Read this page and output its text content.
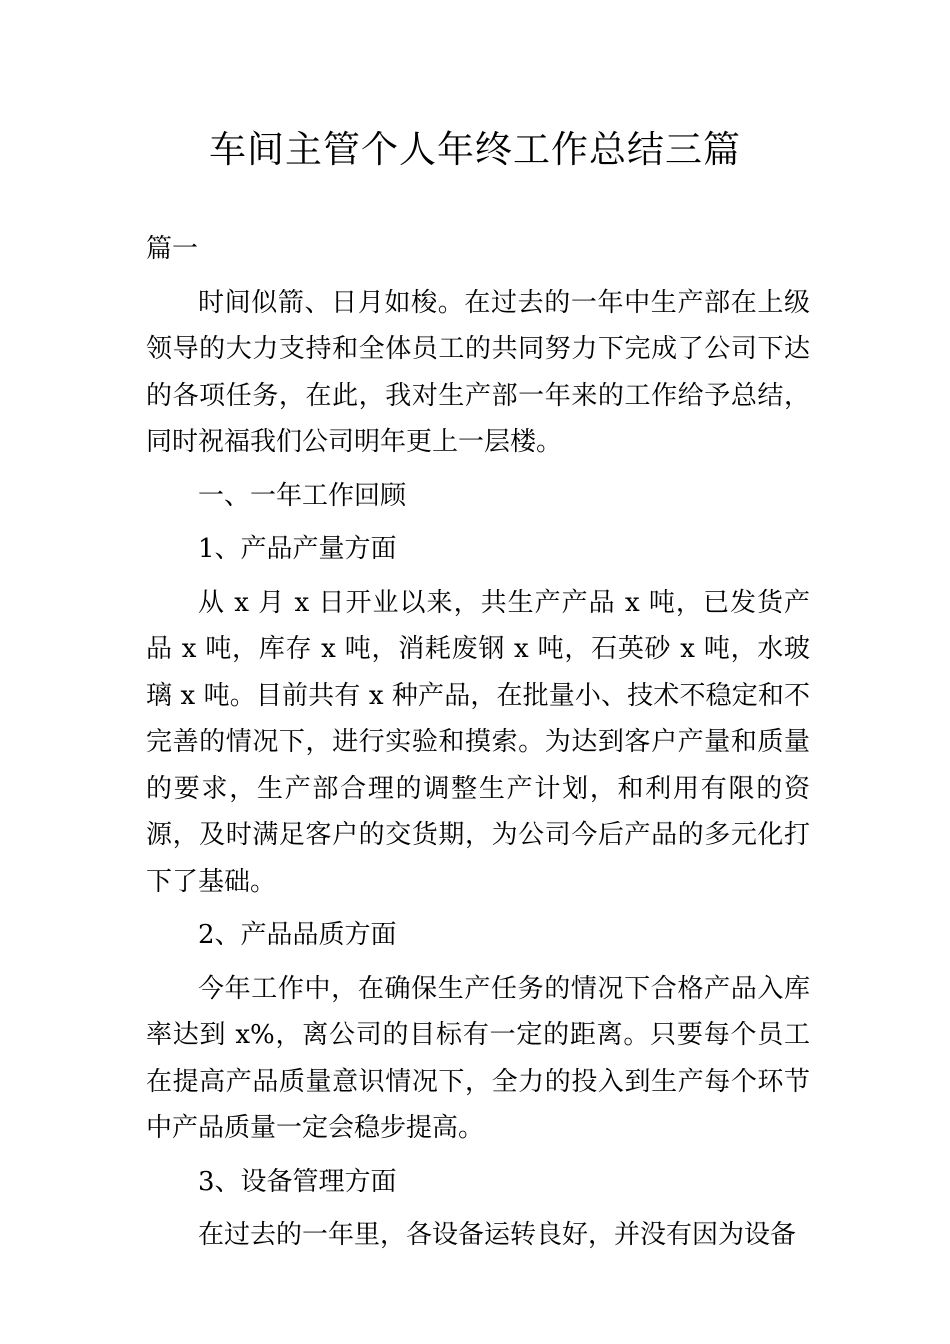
车间主管个人年终工作总结三篇

篇一

时间似箭、日月如梭。在过去的一年中生产部在上级领导的大力支持和全体员工的共同努力下完成了公司下达的各项任务，在此，我对生产部一年来的工作给予总结，同时祝福我们公司明年更上一层楼。

一、一年工作回顾

1、产品产量方面

从 x 月 x 日开业以来，共生产产品 x 吨，已发货产品 x 吨，库存 x 吨，消耗废钢 x 吨，石英砂 x 吨，水玻璃 x 吨。目前共有 x 种产品，在批量小、技术不稳定和不完善的情况下，进行实验和摸索。为达到客户产量和质量的要求，生产部合理的调整生产计划，和利用有限的资源，及时满足客户的交货期，为公司今后产品的多元化打下了基础。

2、产品品质方面

今年工作中，在确保生产任务的情况下合格产品入库率达到 x%，离公司的目标有一定的距离。只要每个员工在提高产品质量意识情况下，全力的投入到生产每个环节中产品质量一定会稳步提高。

3、设备管理方面

在过去的一年里，各设备运转良好，并没有因为设备
